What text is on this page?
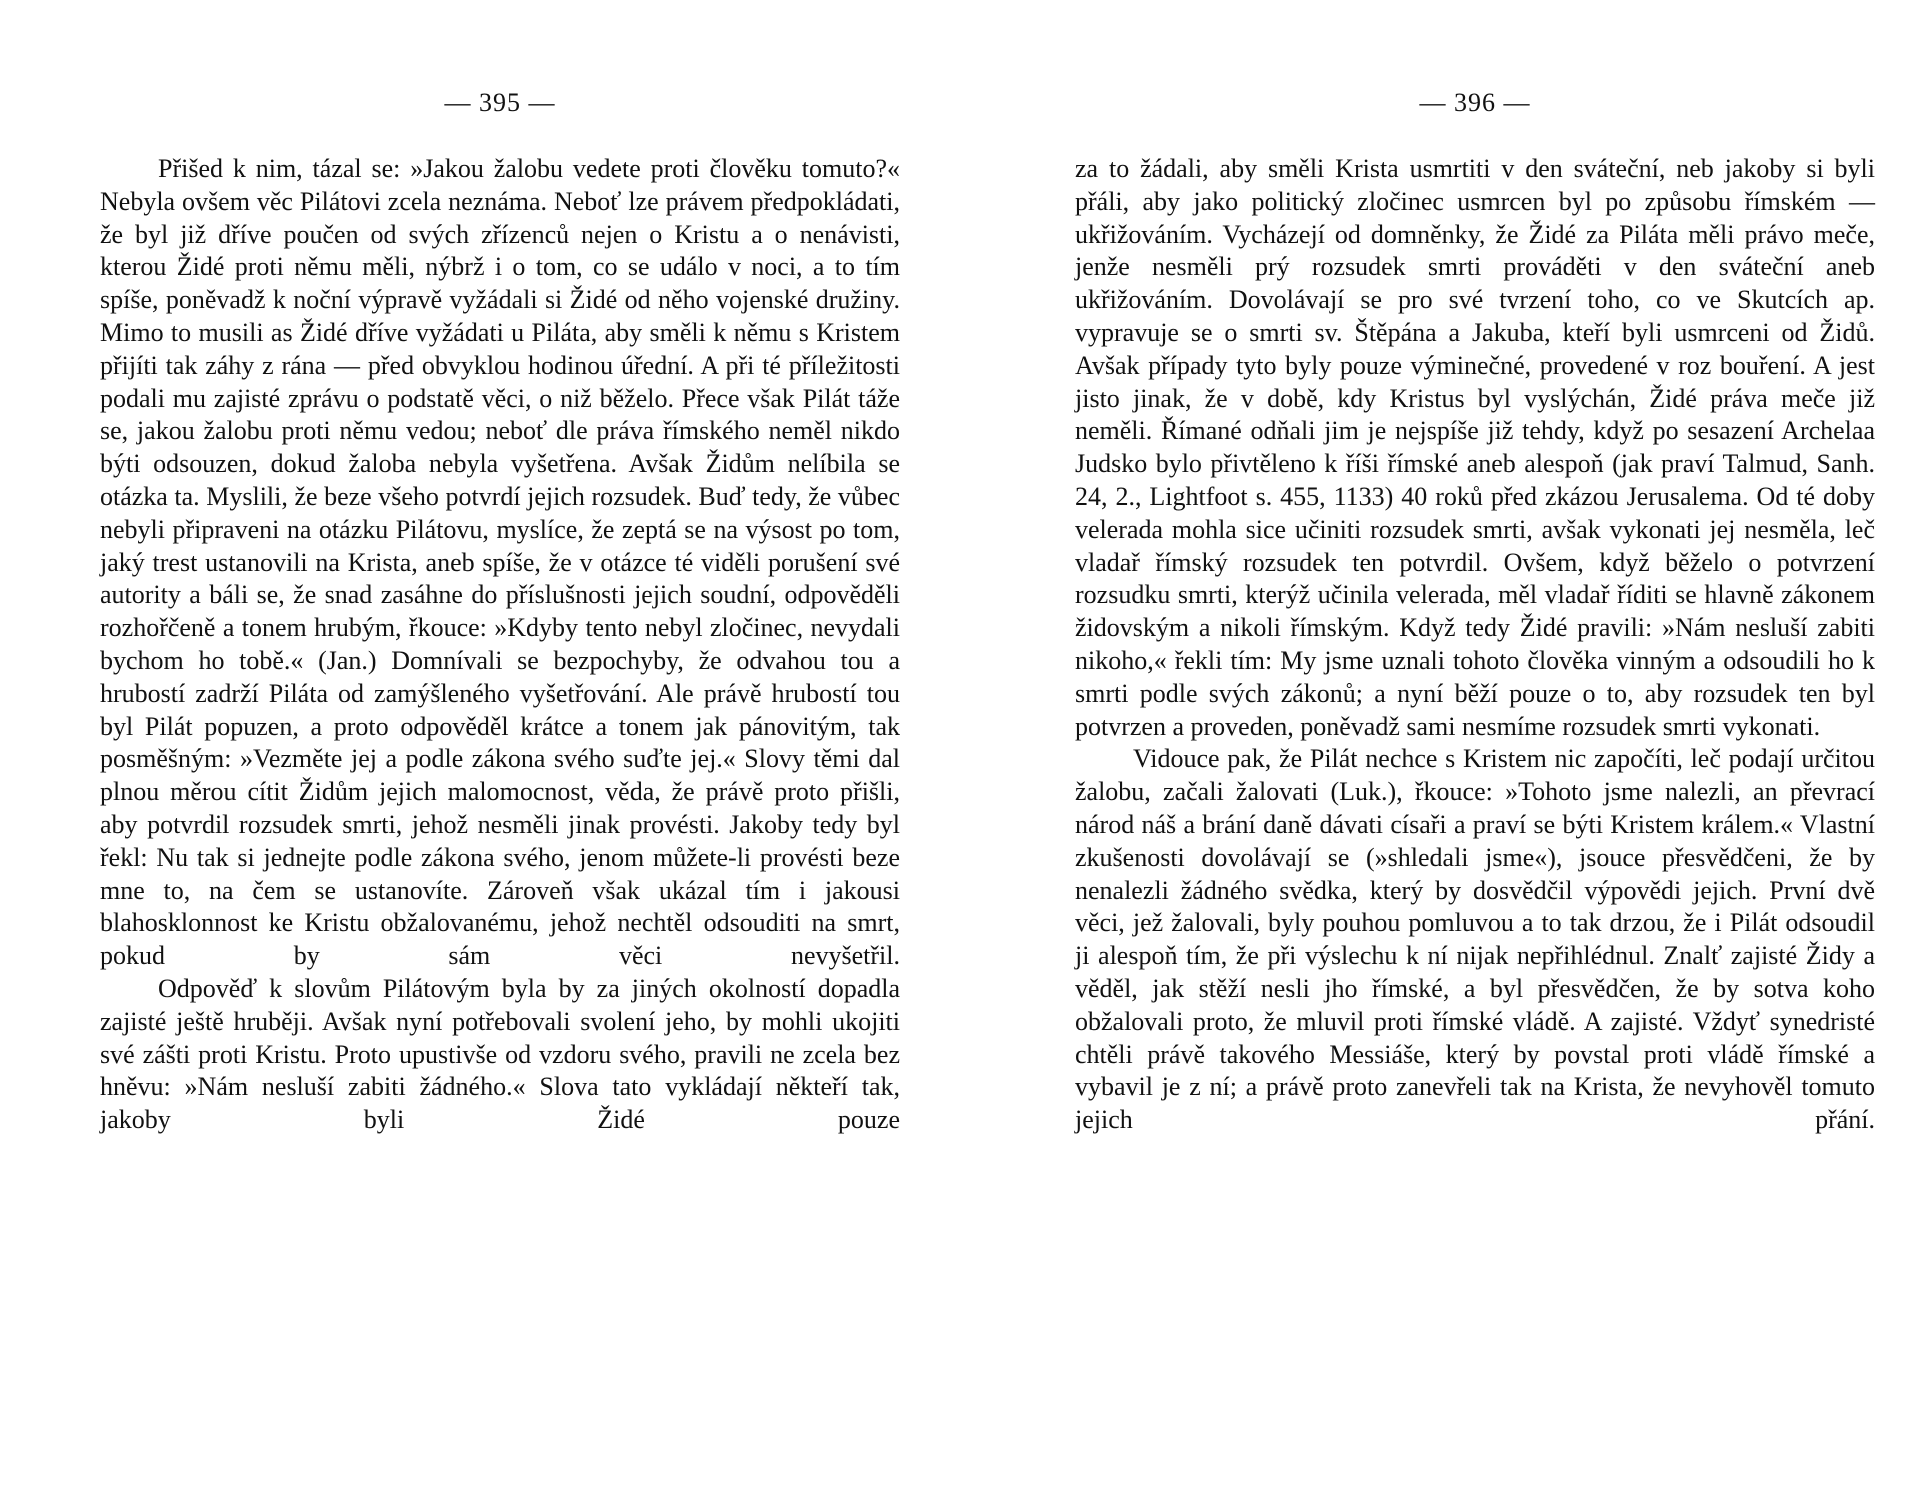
— 395 —

Přišed k nim, tázal se: »Jakou žalobu vedete proti člověku tomuto?« Nebyla ovšem věc Pilátovi zcela neznáma. Neboť lze právem předpokládati, že byl již dříve poučen od svých zřízenců nejen o Kristu a o nenávisti, kterou Židé proti němu měli, nýbrž i o tom, co se událo v noci, a to tím spíše, poněvadž k noční výpravě vyžádali si Židé od něho vojenské družiny. Mimo to musili as Židé dříve vyžádati u Piláta, aby směli k němu s Kristem přijíti tak záhy z rána — před obvyklou hodinou úřední. A při té příležitosti podali mu zajisté zprávu o podstatě věci, o niž běželo. Přece však Pilát táže se, jakou žalobu proti němu vedou; neboť dle práva římského neměl nikdo býti odsouzen, dokud žaloba nebyla vyšetřena. Avšak Židům nelíbila se otázka ta. Myslili, že beze všeho potvrdí jejich rozsudek. Buď tedy, že vůbec nebyli připraveni na otázku Pilátovu, myslíce, že zeptá se na výsost po tom, jaký trest ustanovili na Krista, aneb spíše, že v otázce té viděli porušení své autority a báli se, že snad zasáhne do příslušnosti jejich soudní, odpověděli rozhořčeně a tonem hrubým, řkouce: »Kdyby tento nebyl zločinec, nevydali bychom ho tobě.« (Jan.) Domnívali se bezpochyby, že odvahou tou a hrubostí zadrží Piláta od zamýšleného vyšetřování. Ale právě hrubostí tou byl Pilát popuzen, a proto odpověděl krátce a tonem jak pánovitým, tak posměšným: »Vezměte jej a podle zákona svého suďte jej.« Slovy těmi dal plnou měrou cítit Židům jejich malomocnost, věda, že právě proto přišli, aby potvrdil rozsudek smrti, jehož nesměli jinak provésti. Jakoby tedy byl řekl: Nu tak si jednejte podle zákona svého, jenom můžete-li provésti beze mne to, na čem se ustanovíte. Zároveň však ukázal tím i jakousi blahosklonnost ke Kristu obžalovanému, jehož nechtěl odsouditi na smrt, pokud by sám věci nevyšetřil.

Odpověď k slovům Pilátovým byla by za jiných okolností dopadla zajisté ještě hruběji. Avšak nyní potřebovali svolení jeho, by mohli ukojiti své zášti proti Kristu. Proto upustivše od vzdoru svého, pravili ne zcela bez hněvu: »Nám nesluší zabiti žádného.« Slova tato vykládají někteří tak, jakoby byli Židé pouze

— 396 —

za to žádali, aby směli Krista usmrtiti v den sváteční, neb jakoby si byli přáli, aby jako politický zločinec usmrcen byl po způsobu římském — ukřižováním. Vycházejí od domněnky, že Židé za Piláta měli právo meče, jenže nesměli prý rozsudek smrti prováděti v den sváteční aneb ukřižováním. Dovolávají se pro své tvrzení toho, co ve Skutcích ap. vypravuje se o smrti sv. Štěpána a Jakuba, kteří byli usmrceni od Židů. Avšak případy tyto byly pouze výminečné, provedené v roz bouření. A jest jisto jinak, že v době, kdy Kristus byl vyslýchán, Židé práva meče již neměli. Římané odňali jim je nejspíše již tehdy, když po sesazení Archelaa Judsko bylo přivtěleno k říši římské aneb alespoň (jak praví Talmud, Sanh. 24, 2., Lightfoot s. 455, 1133) 40 roků před zkázou Jerusalema. Od té doby velerada mohla sice učiniti rozsudek smrti, avšak vykonati jej nesměla, leč vladař římský rozsudek ten potvrdil. Ovšem, když běželo o potvrzení rozsudku smrti, kterýž učinila velerada, měl vladař říditi se hlavně zákonem židovským a nikoli římským. Když tedy Židé pravili: »Nám nesluší zabiti nikoho,« řekli tím: My jsme uznali tohoto člověka vinným a odsoudili ho k smrti podle svých zákonů; a nyní běží pouze o to, aby rozsudek ten byl potvrzen a proveden, poněvadž sami nesmíme rozsudek smrti vykonati.

Vidouce pak, že Pilát nechce s Kristem nic započíti, leč podají určitou žalobu, začali žalovati (Luk.), řkouce: »Tohoto jsme nalezli, an převrací národ náš a brání daně dávati císaři a praví se býti Kristem králem.« Vlastní zkušenosti dovolávají se (»shledali jsme«), jsouce přesvědčeni, že by nenalezli žádného svědka, který by dosvědčil výpovědi jejich. První dvě věci, jež žalovali, byly pouhou pomluvou a to tak drzou, že i Pilát odsoudil ji alespoň tím, že při výslechu k ní nijak nepřihlédnul. Znalť zajisté Židy a věděl, jak stěží nesli jho římské, a byl přesvědčen, že by sotva koho obžalovali proto, že mluvil proti římské vládě. A zajisté. Vždyť synedristé chtěli právě takového Messiáše, který by povstal proti vládě římské a vybavil je z ní; a právě proto zanevřeli tak na Krista, že nevyhověl tomuto jejich přání.
